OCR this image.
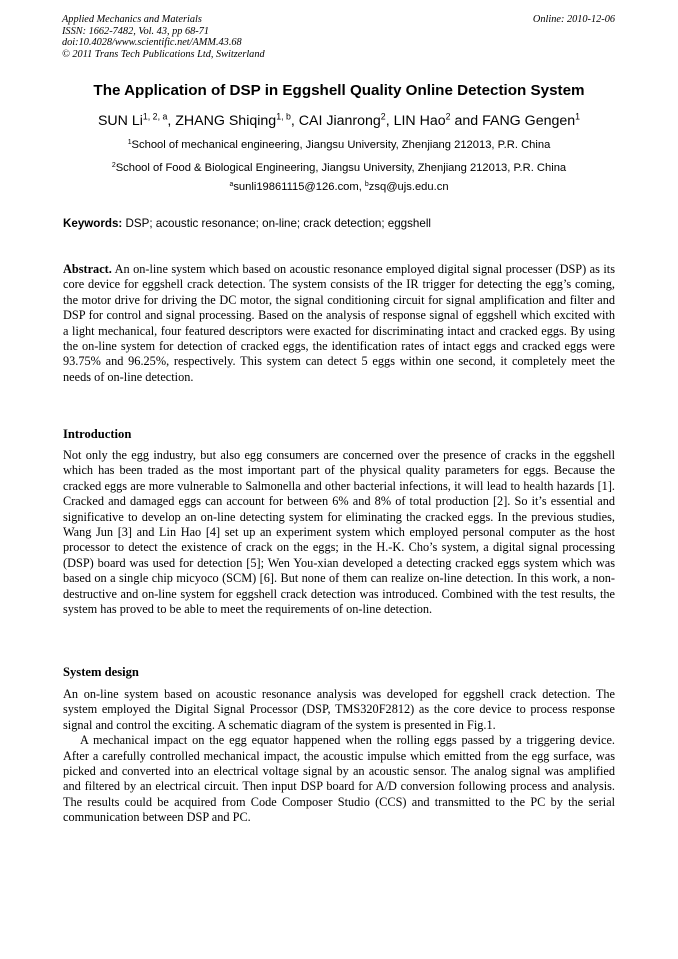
Applied Mechanics and Materials
ISSN: 1662-7482, Vol. 43, pp 68-71
doi:10.4028/www.scientific.net/AMM.43.68
© 2011 Trans Tech Publications Ltd, Switzerland
Online: 2010-12-06
The Application of DSP in Eggshell Quality Online Detection System
SUN Li$^{1, 2, a}$, ZHANG Shiqing$^{1, b}$, CAI Jianrong$^2$, LIN Hao$^2$ and FANG Gengen$^1$
$^1$School of mechanical engineering, Jiangsu University, Zhenjiang 212013, P.R. China
$^2$School of Food & Biological Engineering, Jiangsu University, Zhenjiang 212013, P.R. China
$^a$sunli19861115@126.com, $^b$zsq@ujs.edu.cn
Keywords: DSP; acoustic resonance; on-line; crack detection; eggshell
Abstract. An on-line system which based on acoustic resonance employed digital signal processer (DSP) as its core device for eggshell crack detection. The system consists of the IR trigger for detecting the egg’s coming, the motor drive for driving the DC motor, the signal conditioning circuit for signal amplification and filter and DSP for control and signal processing. Based on the analysis of response signal of eggshell which excited with a light mechanical, four featured descriptors were exacted for discriminating intact and cracked eggs. By using the on-line system for detection of cracked eggs, the identification rates of intact eggs and cracked eggs were 93.75% and 96.25%, respectively. This system can detect 5 eggs within one second, it completely meet the needs of on-line detection.
Introduction
Not only the egg industry, but also egg consumers are concerned over the presence of cracks in the eggshell which has been traded as the most important part of the physical quality parameters for eggs. Because the cracked eggs are more vulnerable to Salmonella and other bacterial infections, it will lead to health hazards [1]. Cracked and damaged eggs can account for between 6% and 8% of total production [2]. So it’s essential and significative to develop an on-line detecting system for eliminating the cracked eggs. In the previous studies, Wang Jun [3] and Lin Hao [4] set up an experiment system which employed personal computer as the host processor to detect the existence of crack on the eggs; in the H.-K. Cho’s system, a digital signal processing (DSP) board was used for detection [5]; Wen You-xian developed a detecting cracked eggs system which was based on a single chip micyoco (SCM) [6]. But none of them can realize on-line detection. In this work, a non-destructive and on-line system for eggshell crack detection was introduced. Combined with the test results, the system has proved to be able to meet the requirements of on-line detection.
System design

An on-line system based on acoustic resonance analysis was developed for eggshell crack detection. The system employed the Digital Signal Processor (DSP, TMS320F2812) as the core device to process response signal and control the exciting. A schematic diagram of the system is presented in Fig.1.

A mechanical impact on the egg equator happened when the rolling eggs passed by a triggering device. After a carefully controlled mechanical impact, the acoustic impulse which emitted from the egg surface, was picked and converted into an electrical voltage signal by an acoustic sensor. The analog signal was amplified and filtered by an electrical circuit. Then input DSP board for A/D conversion following process and analysis. The results could be acquired from Code Composer Studio (CCS) and transmitted to the PC by the serial communication between DSP and PC.
